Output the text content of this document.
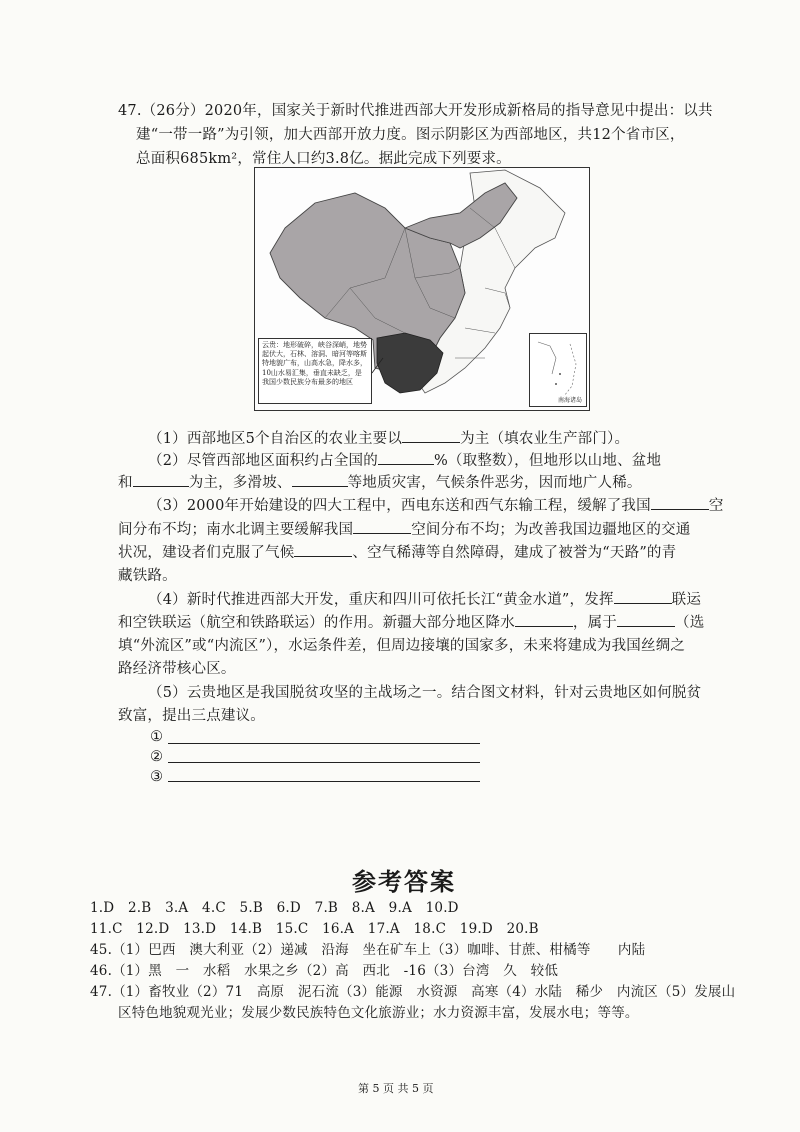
47.（26分）2020年，国家关于新时代推进西部大开发形成新格局的指导意见中提出：以共
建“一带一路”为引领，加大西部开放力度。图示阴影区为西部地区，共12个省市区，
总面积685km²，常住人口约3.8亿。据此完成下列要求。
云贵：地形破碎，峡谷深峭，地势起伏大，石林、溶洞、暗河等喀斯特地貌广布，山高水急，降水多，10山水易汇集，垂直未缺乏，是我国少数民族分布最多的地区
南海诸岛
（1）西部地区5个自治区的农业主要以	为主（填农业生产部门）。
（2）尽管西部地区面积约占全国的	%（取整数），但地形以山地、盆地
和	为主，多滑坡、	等地质灾害，气候条件恶劣，因而地广人稀。
（3）2000年开始建设的四大工程中，西电东送和西气东输工程，缓解了我国	空
间分布不均；南水北调主要缓解我国	空间分布不均；为改善我国边疆地区的交通
状况，建设者们克服了气候	、空气稀薄等自然障碍，建成了被誉为“天路”的青
藏铁路。
（4）新时代推进西部大开发，重庆和四川可依托长江“黄金水道”，发挥	联运
和空铁联运（航空和铁路联运）的作用。新疆大部分地区降水	，属于	（选
填“外流区”或“内流区”），水运条件差，但周边接壤的国家多，未来将建成为我国丝绸之
路经济带核心区。
（5）云贵地区是我国脱贫攻坚的主战场之一。结合图文材料，针对云贵地区如何脱贫
致富，提出三点建议。
①
②
③
参考答案
1.D　2.B　3.A　4.C　5.B　6.D　7.B　8.A　9.A　10.D
11.C　12.D　13.D　14.B　15.C　16.A　17.A　18.C　19.D　20.B
45.（1）巴西　澳大利亚（2）递减　沿海　坐在矿车上（3）咖啡、甘蔗、柑橘等　　内陆
46.（1）黑　一　水稻　水果之乡（2）高　西北　-16（3）台湾　久　较低
47.（1）畜牧业（2）71　高原　泥石流（3）能源　水资源　高寒（4）水陆　稀少　内流区（5）发展山
区特色地貌观光业；发展少数民族特色文化旅游业；水力资源丰富，发展水电；等等。
第 5 页 共 5 页
